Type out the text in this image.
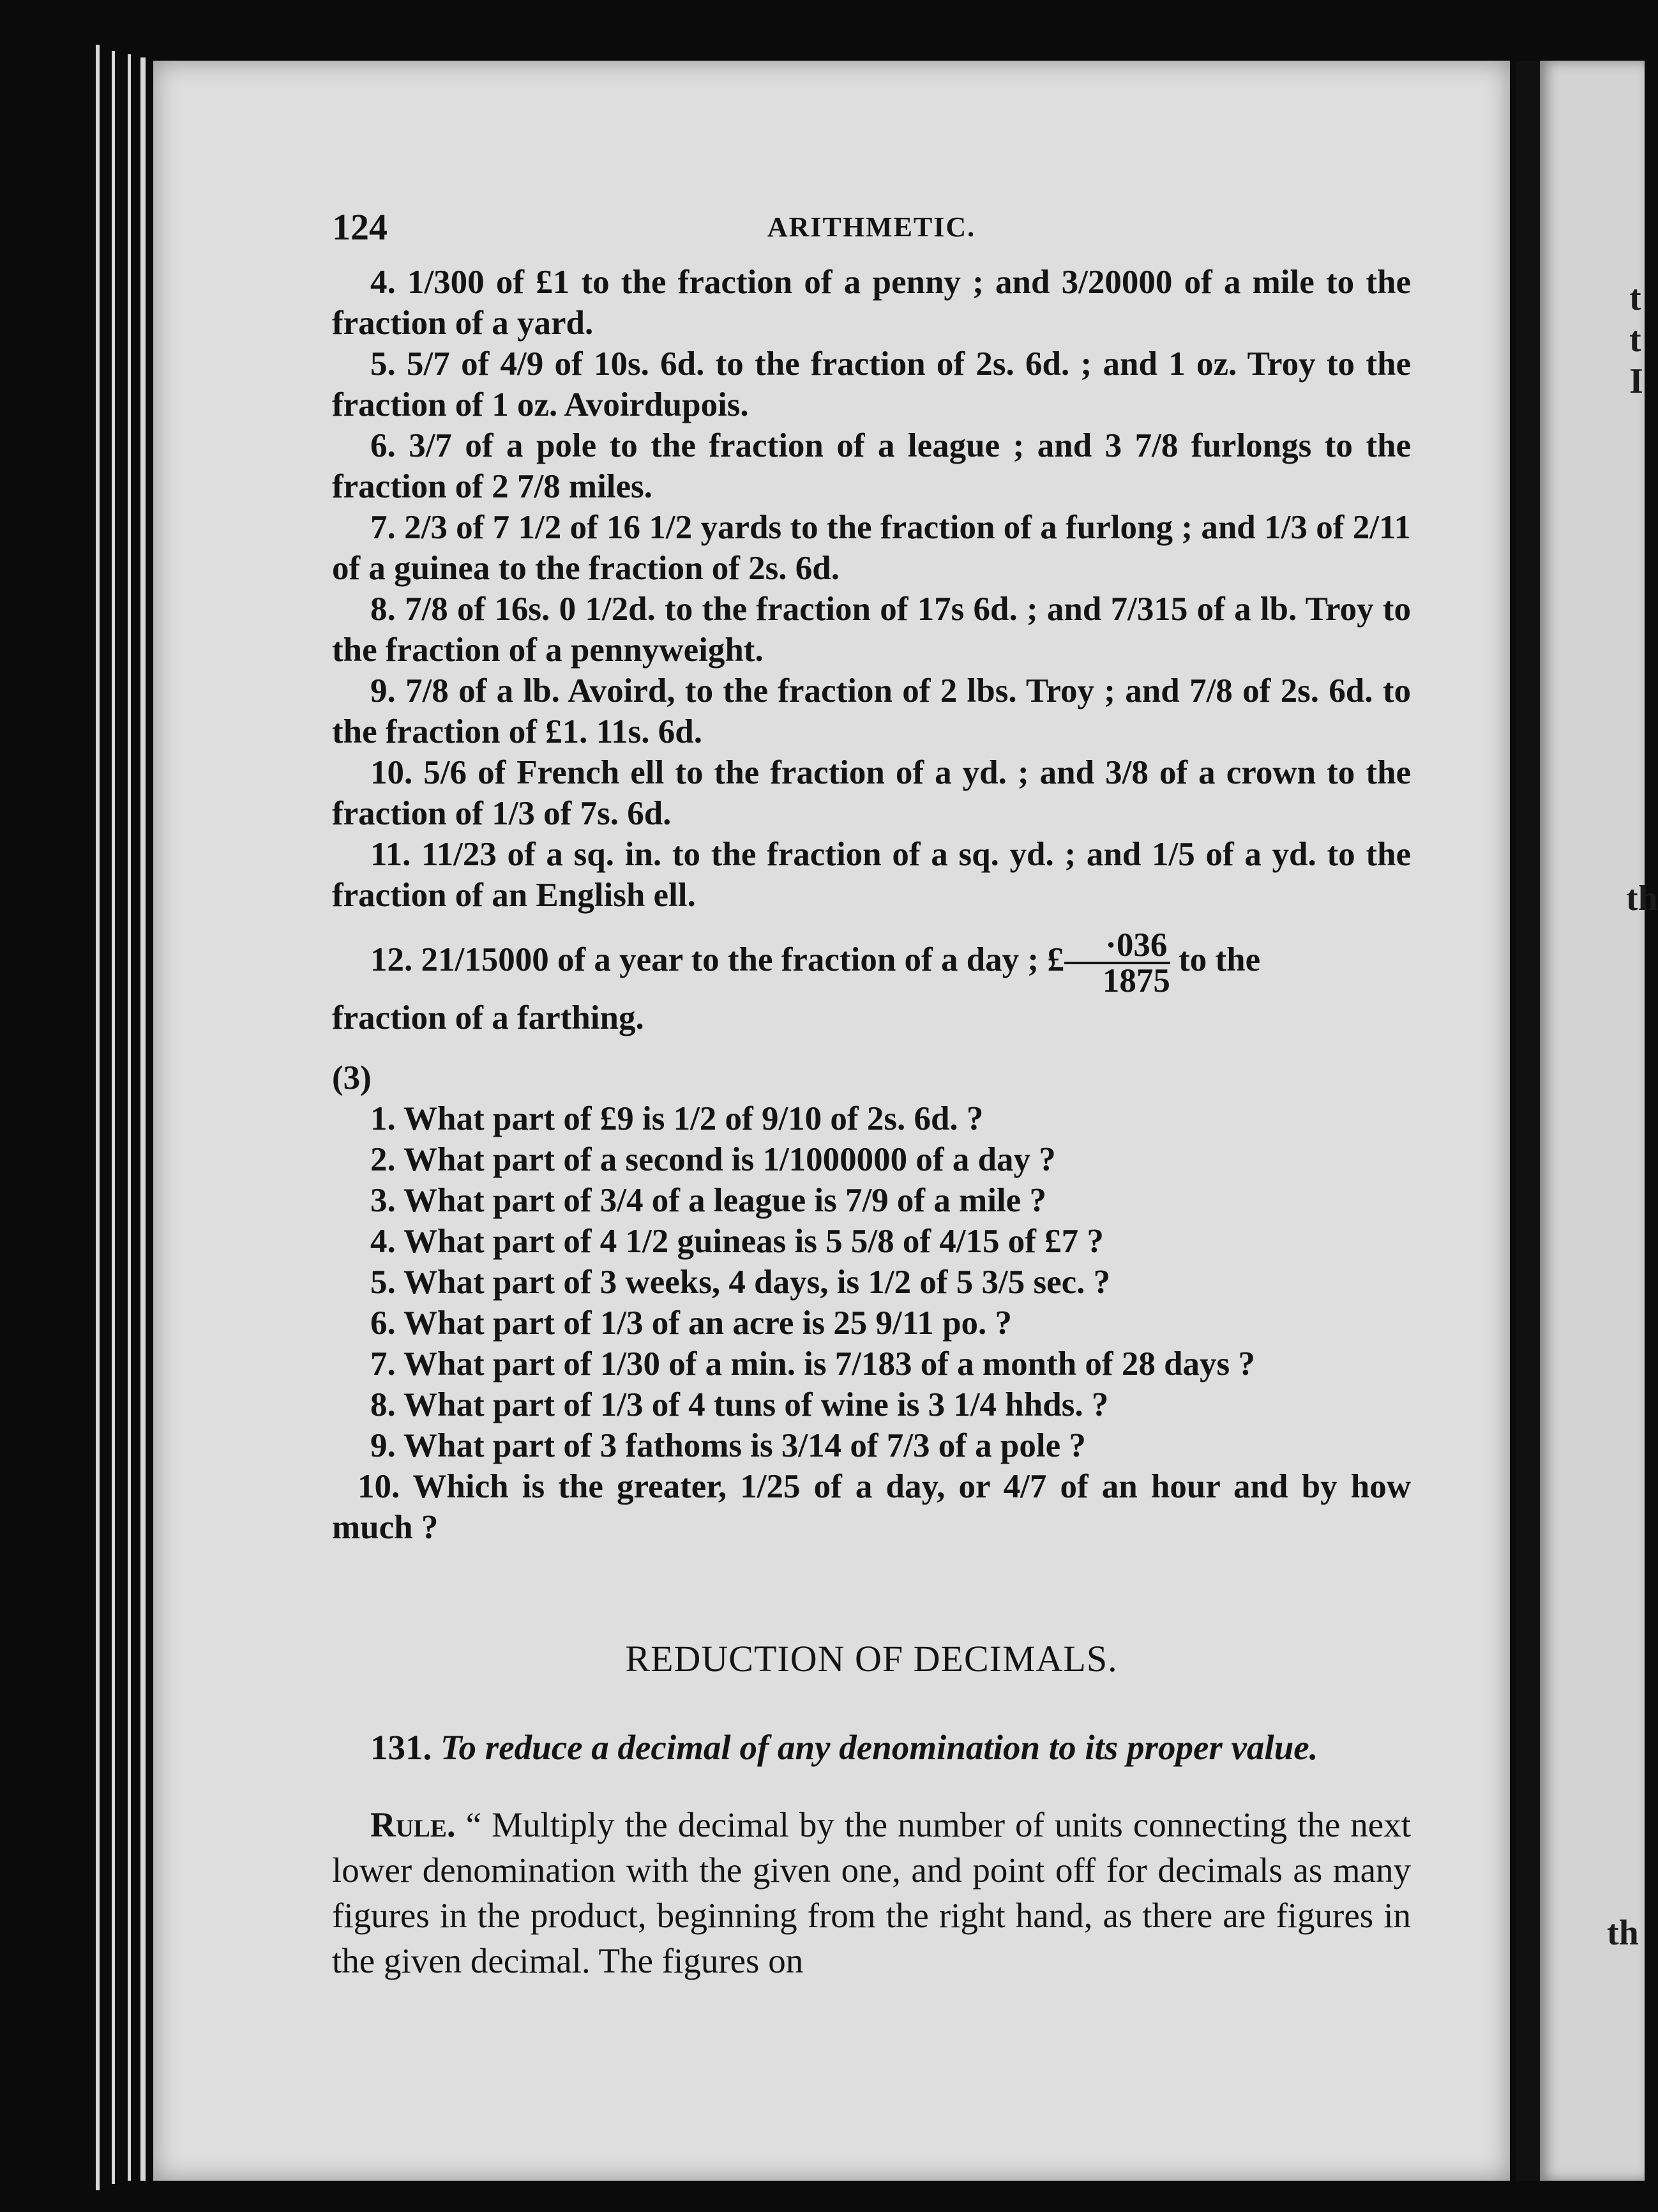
t
t
I
th
th
124	ARITHMETIC.
4. 1/300 of £1 to the fraction of a penny ; and 3/20000 of a mile to the fraction of a yard.
5. 5/7 of 4/9 of 10s. 6d. to the fraction of 2s. 6d. ; and 1 oz. Troy to the fraction of 1 oz. Avoirdupois.
6. 3/7 of a pole to the fraction of a league ; and 3 7/8 furlongs to the fraction of 2 7/8 miles.
7. 2/3 of 7 1/2 of 16 1/2 yards to the fraction of a furlong ; and 1/3 of 2/11 of a guinea to the fraction of 2s. 6d.
8. 7/8 of 16s. 0 1/2d. to the fraction of 17s 6d. ; and 7/315 of a lb. Troy to the fraction of a pennyweight.
9. 7/8 of a lb. Avoird, to the fraction of 2 lbs. Troy ; and 7/8 of 2s. 6d. to the fraction of £1. 11s. 6d.
10. 5/6 of French ell to the fraction of a yd. ; and 3/8 of a crown to the fraction of 1/3 of 7s. 6d.
11. 11/23 of a sq. in. to the fraction of a sq. yd. ; and 1/5 of a yd. to the fraction of an English ell.
12. 21/15000 of a year to the fraction of a day ; £ $\frac{\cdot 036}{1875}$ to the
fraction of a farthing.
(3)
1. What part of £9 is 1/2 of 9/10 of 2s. 6d. ?
2. What part of a second is 1/1000000 of a day ?
3. What part of 3/4 of a league is 7/9 of a mile ?
4. What part of 4 1/2 guineas is 5 5/8 of 4/15 of £7 ?
5. What part of 3 weeks, 4 days, is 1/2 of 5 3/5 sec. ?
6. What part of 1/3 of an acre is 25 9/11 po. ?
7. What part of 1/30 of a min. is 7/183 of a month of 28 days ?
8. What part of 1/3 of 4 tuns of wine is 3 1/4 hhds. ?
9. What part of 3 fathoms is 3/14 of 7/3 of a pole ?
10. Which is the greater, 1/25 of a day, or 4/7 of an hour and by how much ?
REDUCTION OF DECIMALS.
131. To reduce a decimal of any denomination to its proper value.
Rule. “ Multiply the decimal by the number of units connecting the next lower denomination with the given one, and point off for decimals as many figures in the product, beginning from the right hand, as there are figures in the given decimal. The figures on
